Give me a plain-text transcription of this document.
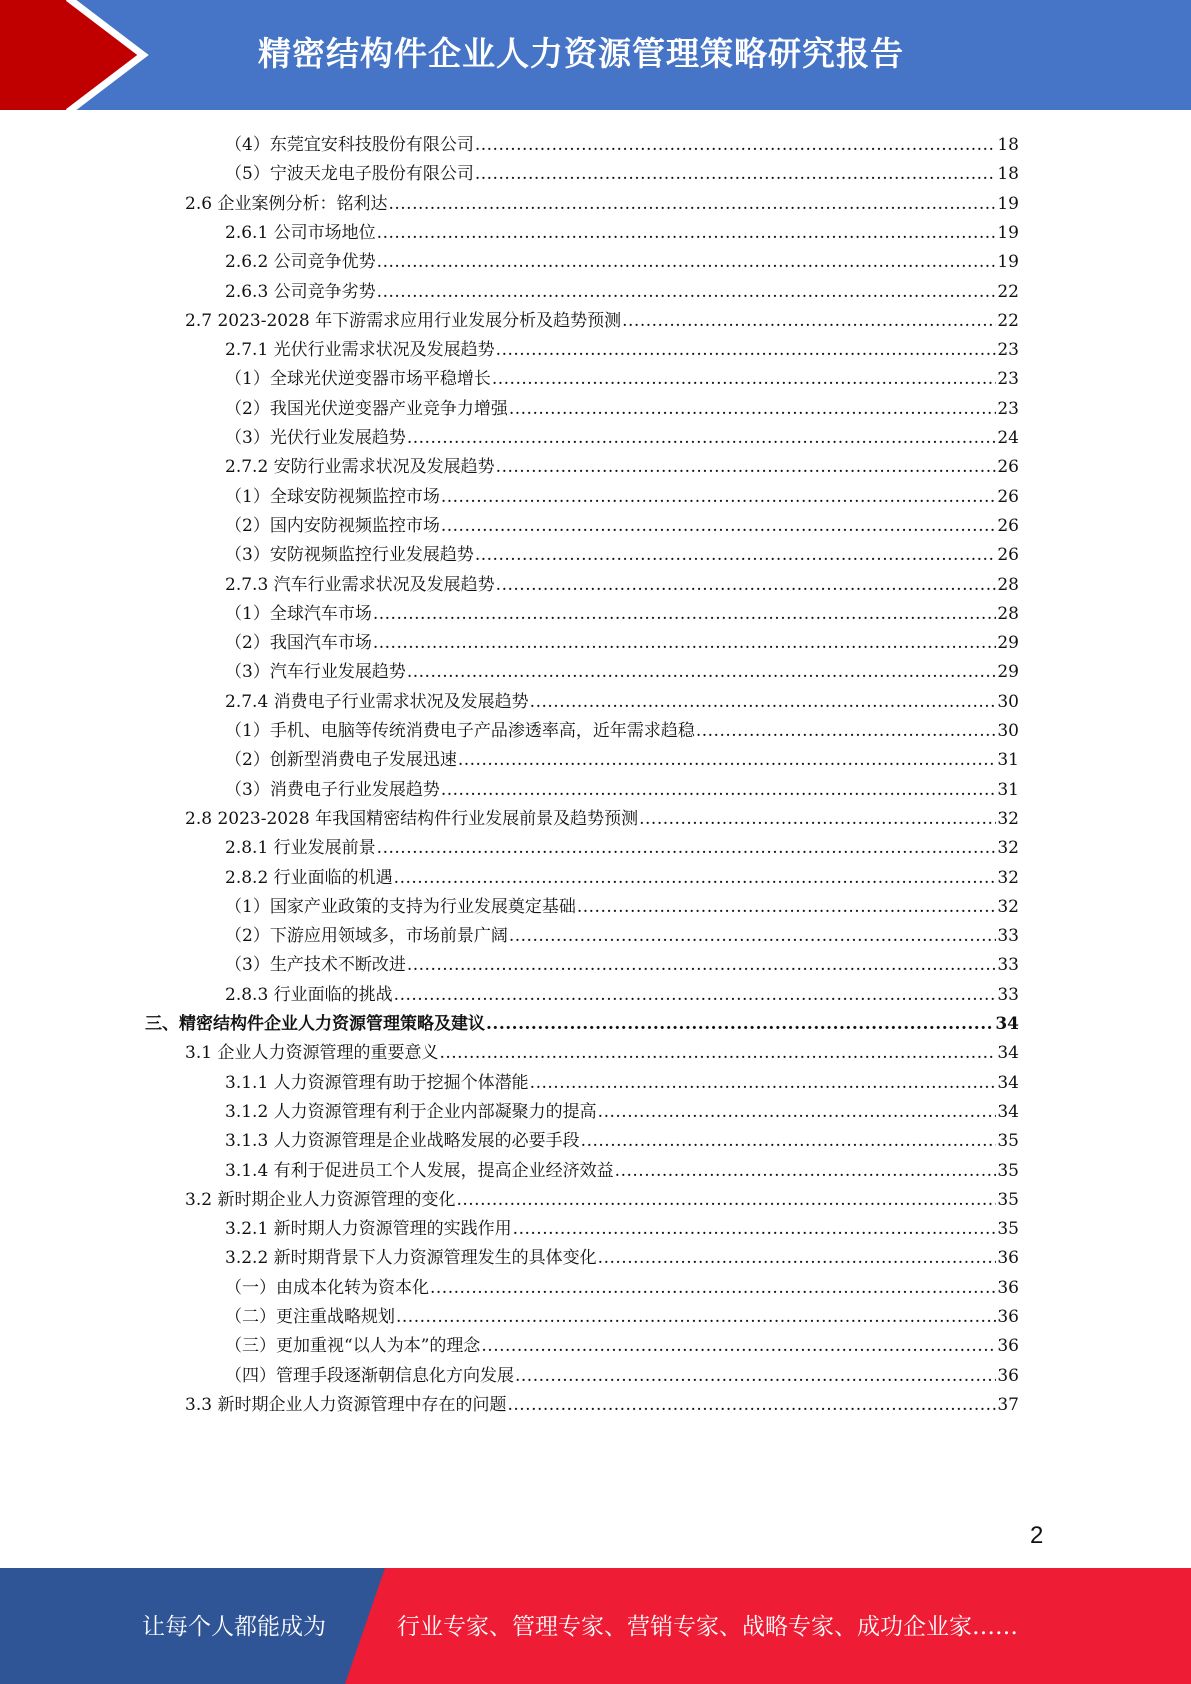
精密结构件企业人力资源管理策略研究报告
（4）东莞宜安科技股份有限公司 .....	18
（5）宁波天龙电子股份有限公司 .....	18
2.6 企业案例分析：铭利达 .....	19
2.6.1 公司市场地位 .....	19
2.6.2 公司竞争优势 .....	19
2.6.3 公司竞争劣势 .....	22
2.7 2023-2028 年下游需求应用行业发展分析及趋势预测 .....	22
2.7.1 光伏行业需求状况及发展趋势 .....	23
（1）全球光伏逆变器市场平稳增长 .....	23
（2）我国光伏逆变器产业竞争力增强 .....	23
（3）光伏行业发展趋势 .....	24
2.7.2 安防行业需求状况及发展趋势 .....	26
（1）全球安防视频监控市场 .....	26
（2）国内安防视频监控市场 .....	26
（3）安防视频监控行业发展趋势 .....	26
2.7.3 汽车行业需求状况及发展趋势 .....	28
（1）全球汽车市场 .....	28
（2）我国汽车市场 .....	29
（3）汽车行业发展趋势 .....	29
2.7.4 消费电子行业需求状况及发展趋势 .....	30
（1）手机、电脑等传统消费电子产品渗透率高，近年需求趋稳 .....	30
（2）创新型消费电子发展迅速 .....	31
（3）消费电子行业发展趋势 .....	31
2.8 2023-2028 年我国精密结构件行业发展前景及趋势预测 .....	32
2.8.1 行业发展前景 .....	32
2.8.2 行业面临的机遇 .....	32
（1）国家产业政策的支持为行业发展奠定基础 .....	32
（2）下游应用领域多，市场前景广阔 .....	33
（3）生产技术不断改进 .....	33
2.8.3 行业面临的挑战 .....	33
三、精密结构件企业人力资源管理策略及建议 .....	34
3.1 企业人力资源管理的重要意义 .....	34
3.1.1 人力资源管理有助于挖掘个体潜能 .....	34
3.1.2 人力资源管理有利于企业内部凝聚力的提高 .....	34
3.1.3 人力资源管理是企业战略发展的必要手段 .....	35
3.1.4 有利于促进员工个人发展，提高企业经济效益 .....	35
3.2 新时期企业人力资源管理的变化 .....	35
3.2.1 新时期人力资源管理的实践作用 .....	35
3.2.2 新时期背景下人力资源管理发生的具体变化 .....	36
（一）由成本化转为资本化 .....	36
（二）更注重战略规划 .....	36
（三）更加重视“以人为本”的理念 .....	36
（四）管理手段逐渐朝信息化方向发展 .....	36
3.3 新时期企业人力资源管理中存在的问题 .....	37
2
让每个人都能成为	行业专家、管理专家、营销专家、战略专家、成功企业家……
